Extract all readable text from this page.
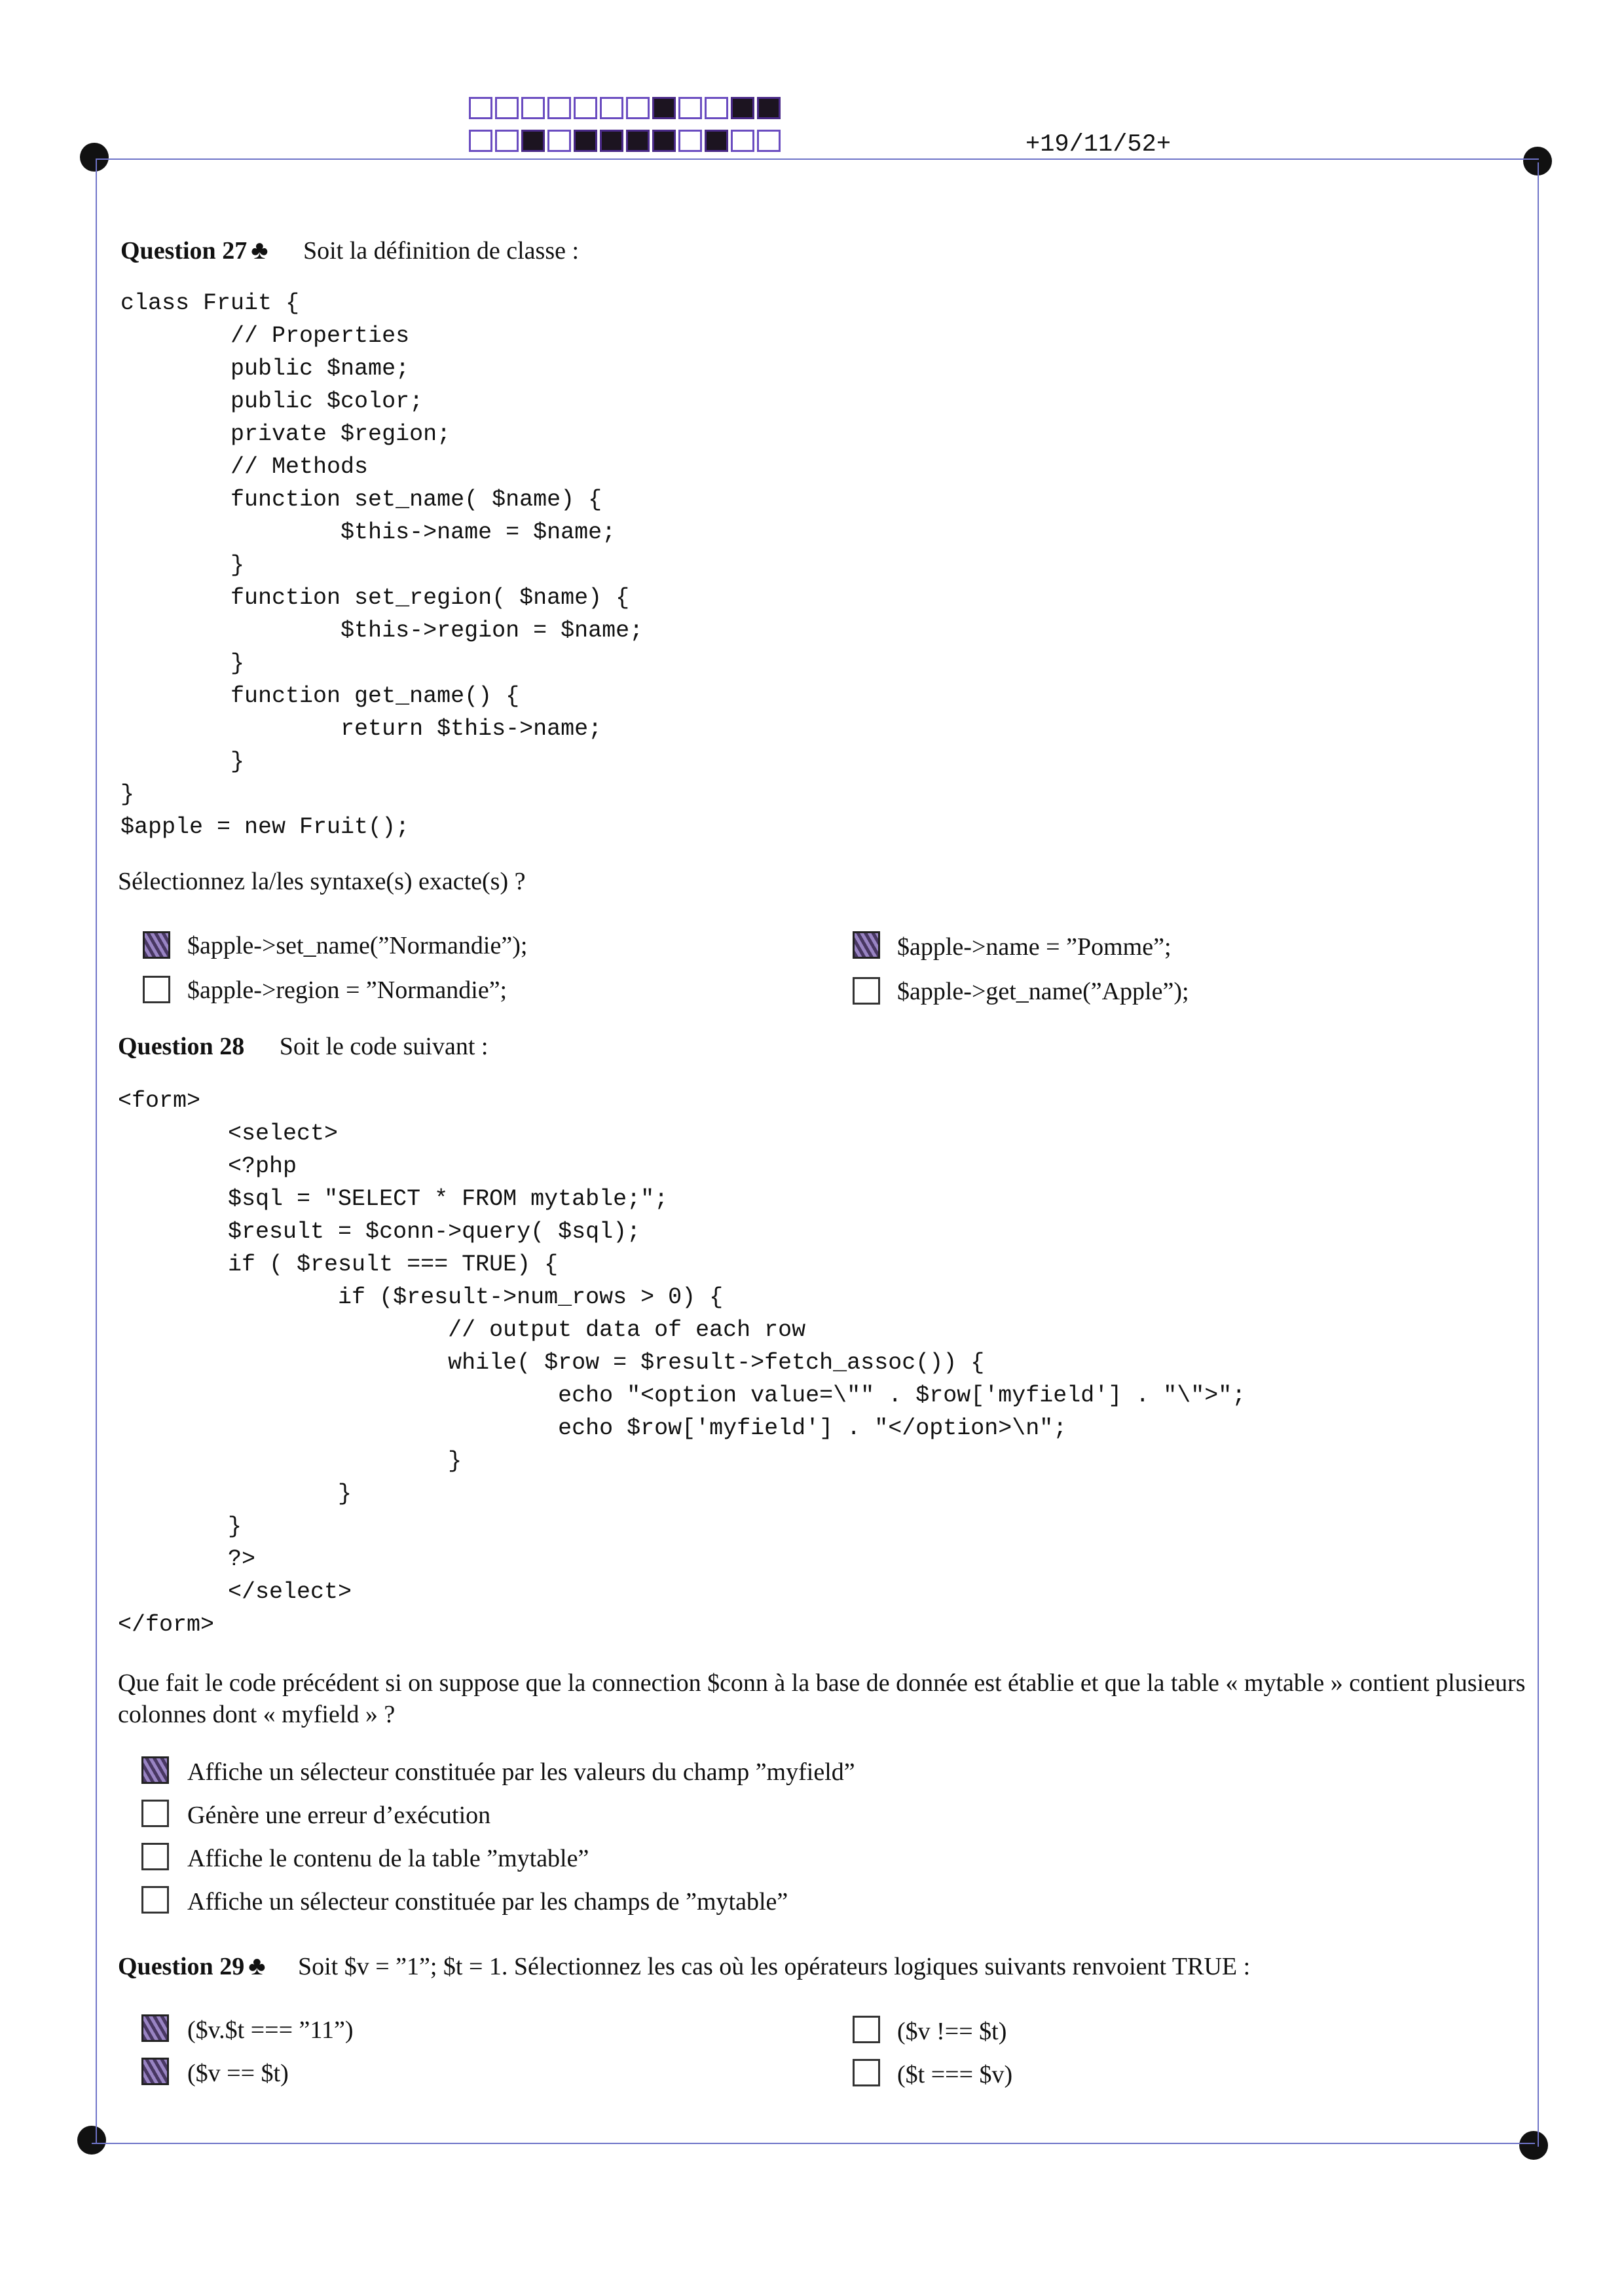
+19/11/52+
Question 27 ♣ Soit la définition de classe :
class Fruit {
// Properties
public $name;
public $color;
private $region;
// Methods
function set_name( $name) {
$this->name = $name;
}
function set_region( $name) {
$this->region = $name;
}
function get_name() {
return $this->name;
}
}
$apple = new Fruit();
Sélectionnez la/les syntaxe(s) exacte(s) ?
$apple->set_name(”Normandie”);	$apple->name = ”Pomme”;
$apple->region = ”Normandie”;	$apple->get_name(”Apple”);
Question 28 Soit le code suivant :
<form>
<select>
<?php
$sql = "SELECT * FROM mytable;";
$result = $conn->query( $sql);
if ( $result === TRUE) {
if ($result->num_rows > 0) {
// output data of each row
while( $row = $result->fetch_assoc()) {
echo "<option value=\"" . $row['myfield'] . "\">";
echo $row['myfield'] . "</option>\n";
}
}
}
?>
</select>
</form>
Que fait le code précédent si on suppose que la connection $conn à la base de donnée est établie et que la table « mytable » contient plusieurs colonnes dont « myfield » ?
Affiche un sélecteur constituée par les valeurs du champ ”myfield”
Génère une erreur d’exécution
Affiche le contenu de la table ”mytable”
Affiche un sélecteur constituée par les champs de ”mytable”
Question 29 ♣ Soit $v = ”1”; $t = 1. Sélectionnez les cas où les opérateurs logiques suivants renvoient TRUE :
($v.$t === ”11”)	($v !== $t)
($v == $t)	($t === $v)
